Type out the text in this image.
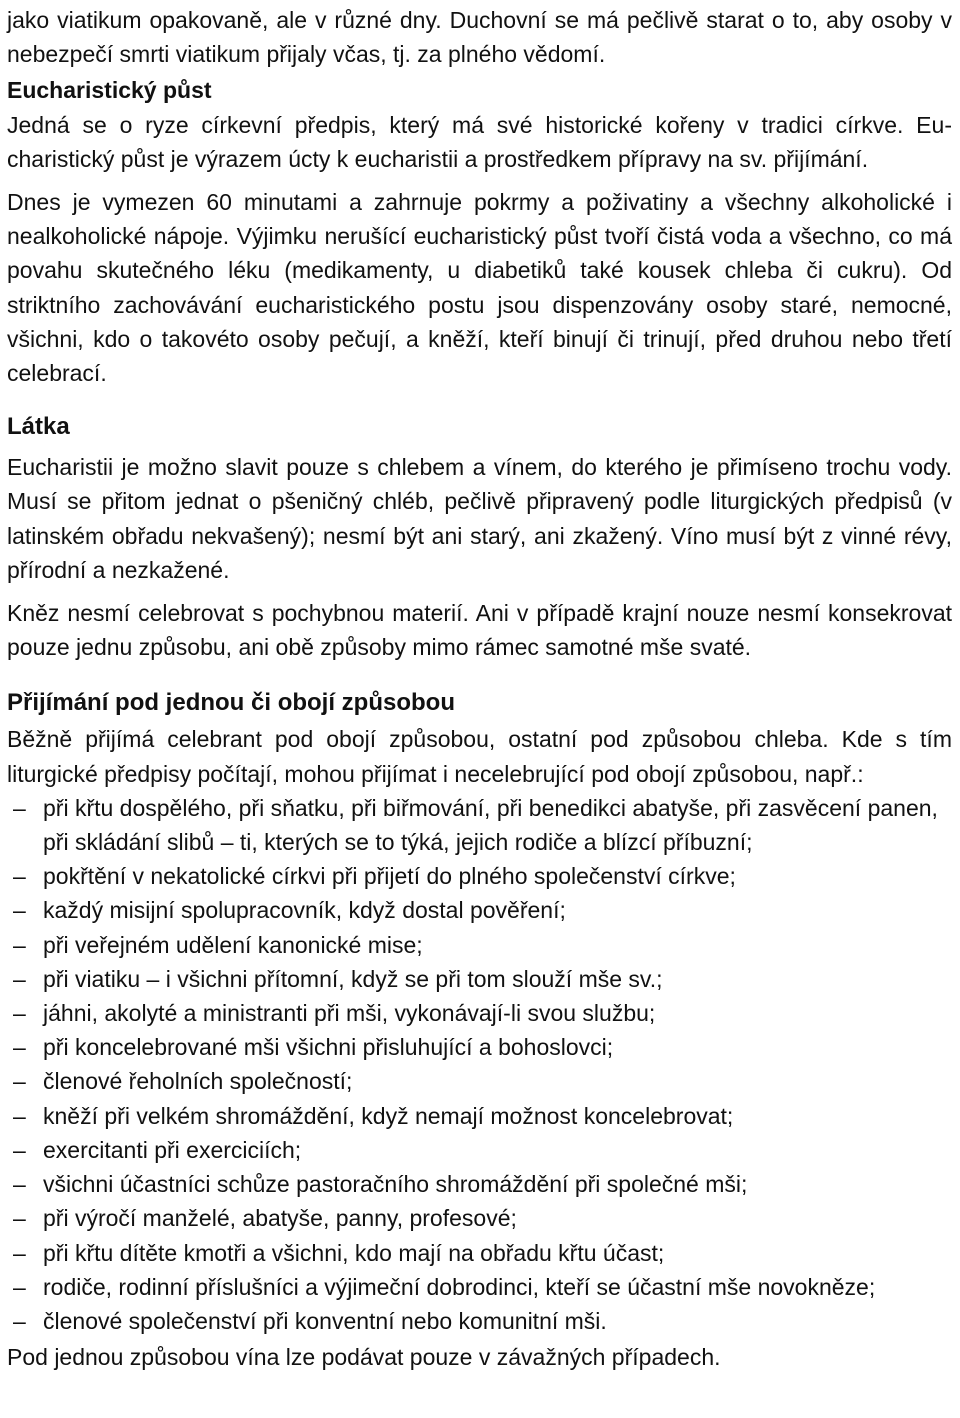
jako viatikum opakovaně, ale v různé dny. Duchovní se má pečlivě starat o to, aby osoby v nebezpečí smrti viatikum přijaly včas, tj. za plného vědomí.

Eucharistický půst

Jedná se o ryze církevní předpis, který má své historické kořeny v tradici církve. Eucharistický půst je výrazem úcty k eucharistii a prostředkem přípravy na sv. přijímání.

Dnes je vymezen 60 minutami a zahrnuje pokrmy a poživatiny a všechny alkoholické i nealkoholické nápoje. Výjimku nerušící eucharistický půst tvoří čistá voda a všechno, co má povahu skutečného léku (medikamenty, u diabetiků také kousek chleba či cukru). Od striktního zachovávání eucharistického postu jsou dispenzovány osoby staré, nemocné, všichni, kdo o takovéto osoby pečují, a kněží, kteří binují či trinují, před druhou nebo třetí celebrací.

Látka

Eucharistii je možno slavit pouze s chlebem a vínem, do kterého je přimíseno trochu vody. Musí se přitom jednat o pšeničný chléb, pečlivě připravený podle liturgických předpisů (v latinském obřadu nekvašený); nesmí být ani starý, ani zkažený. Víno musí být z vinné révy, přírodní a nezkažené.

Kněz nesmí celebrovat s pochybnou materií. Ani v případě krajní nouze nesmí konsekrovat pouze jednu způsobu, ani obě způsoby mimo rámec samotné mše svaté.

Přijímání pod jednou či obojí způsobou

Běžně přijímá celebrant pod obojí způsobou, ostatní pod způsobou chleba. Kde s tím liturgické předpisy počítají, mohou přijímat i necelebrující pod obojí způsobou, např.:

– při křtu dospělého, při sňatku, při biřmování, při benedikci abatyše, při zasvěcení panen, při skládání slibů – ti, kterých se to týká, jejich rodiče a blízcí příbuzní;
– pokřtění v nekatolické církvi při přijetí do plného společenství církve;
– každý misijní spolupracovník, když dostal pověření;
– při veřejném udělení kanonické mise;
– při viatiku – i všichni přítomní, když se při tom slouží mše sv.;
– jáhni, akolyté a ministranti při mši, vykonávají-li svou službu;
– při koncelebrované mši všichni přisluhující a bohoslovci;
– členové řeholních společností;
– kněží při velkém shromáždění, když nemají možnost koncelebrovat;
– exercitanti při exerciciích;
– všichni účastníci schůze pastoračního shromáždění při společné mši;
– při výročí manželé, abatyše, panny, profesové;
– při křtu dítěte kmotři a všichni, kdo mají na obřadu křtu účast;
– rodiče, rodinní příslušníci a výjimeční dobrodinci, kteří se účastní mše novokněze;
– členové společenství při konventní nebo komunitní mši.

Pod jednou způsobou vína lze podávat pouze v závažných případech.
